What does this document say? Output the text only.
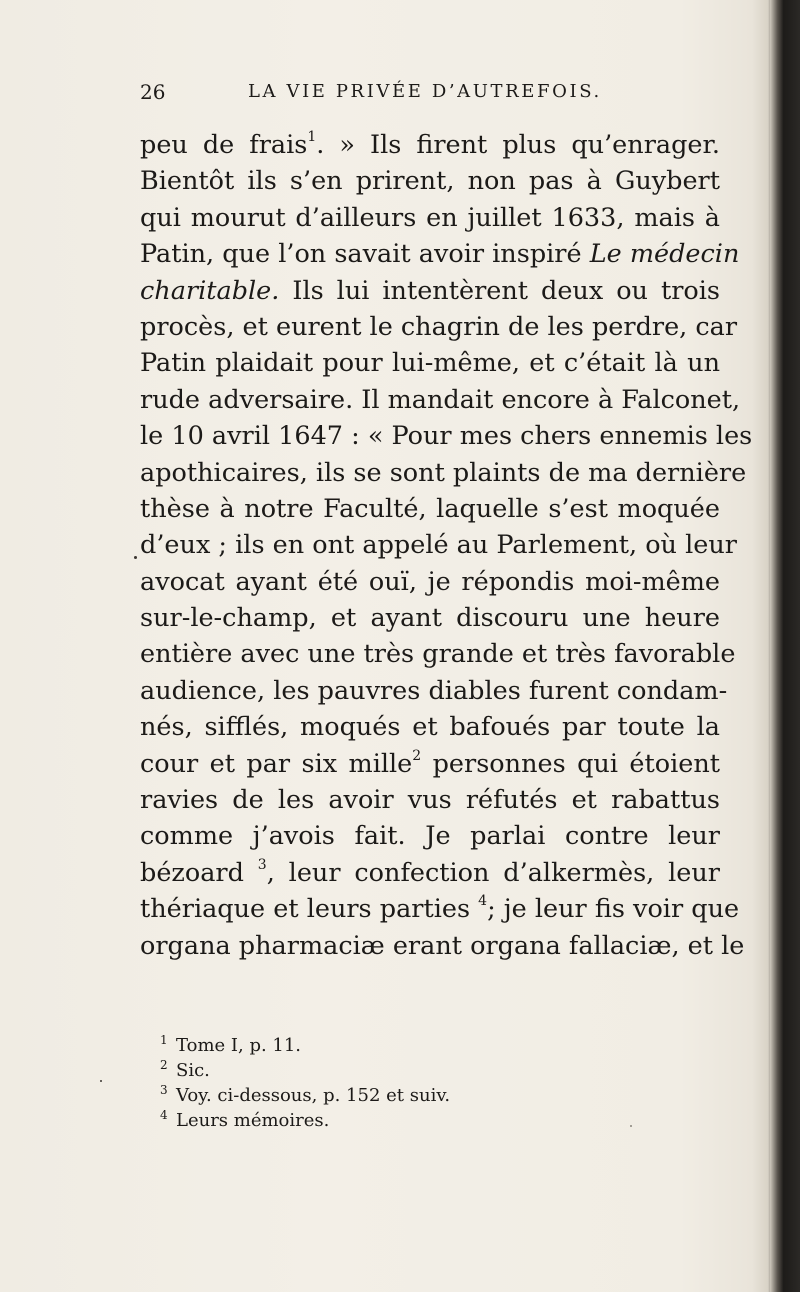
26	LA VIE PRIVÉE D’AUTREFOIS.
peu de frais$^1$. » Ils firent plus qu’enrager.
Bientôt ils s’en prirent, non pas à Guybert
qui mourut d’ailleurs en juillet 1633, mais à
Patin, que l’on savait avoir inspiré Le médecin
charitable. Ils lui intentèrent deux ou trois
procès, et eurent le chagrin de les perdre, car
Patin plaidait pour lui-même, et c’était là un
rude adversaire. Il mandait encore à Falconet,
le 10 avril 1647 : « Pour mes chers ennemis les
apothicaires, ils se sont plaints de ma dernière
thèse à notre Faculté, laquelle s’est moquée
d’eux ; ils en ont appelé au Parlement, où leur
avocat ayant été ouï, je répondis moi-même
sur-le-champ, et ayant discouru une heure
entière avec une très grande et très favorable
audience, les pauvres diables furent condam-
nés, sifflés, moqués et bafoués par toute la
cour et par six mille$^2$ personnes qui étoient
ravies de les avoir vus réfutés et rabattus
comme j’avois fait. Je parlai contre leur
bézoard $^3$, leur confection d’alkermès, leur
thériaque et leurs parties $^4$; je leur fis voir que
organa pharmaciæ erant organa fallaciæ, et le
1 Tome I, p. 11.
2 Sic.
3 Voy. ci-dessous, p. 152 et suiv.
4 Leurs mémoires.
